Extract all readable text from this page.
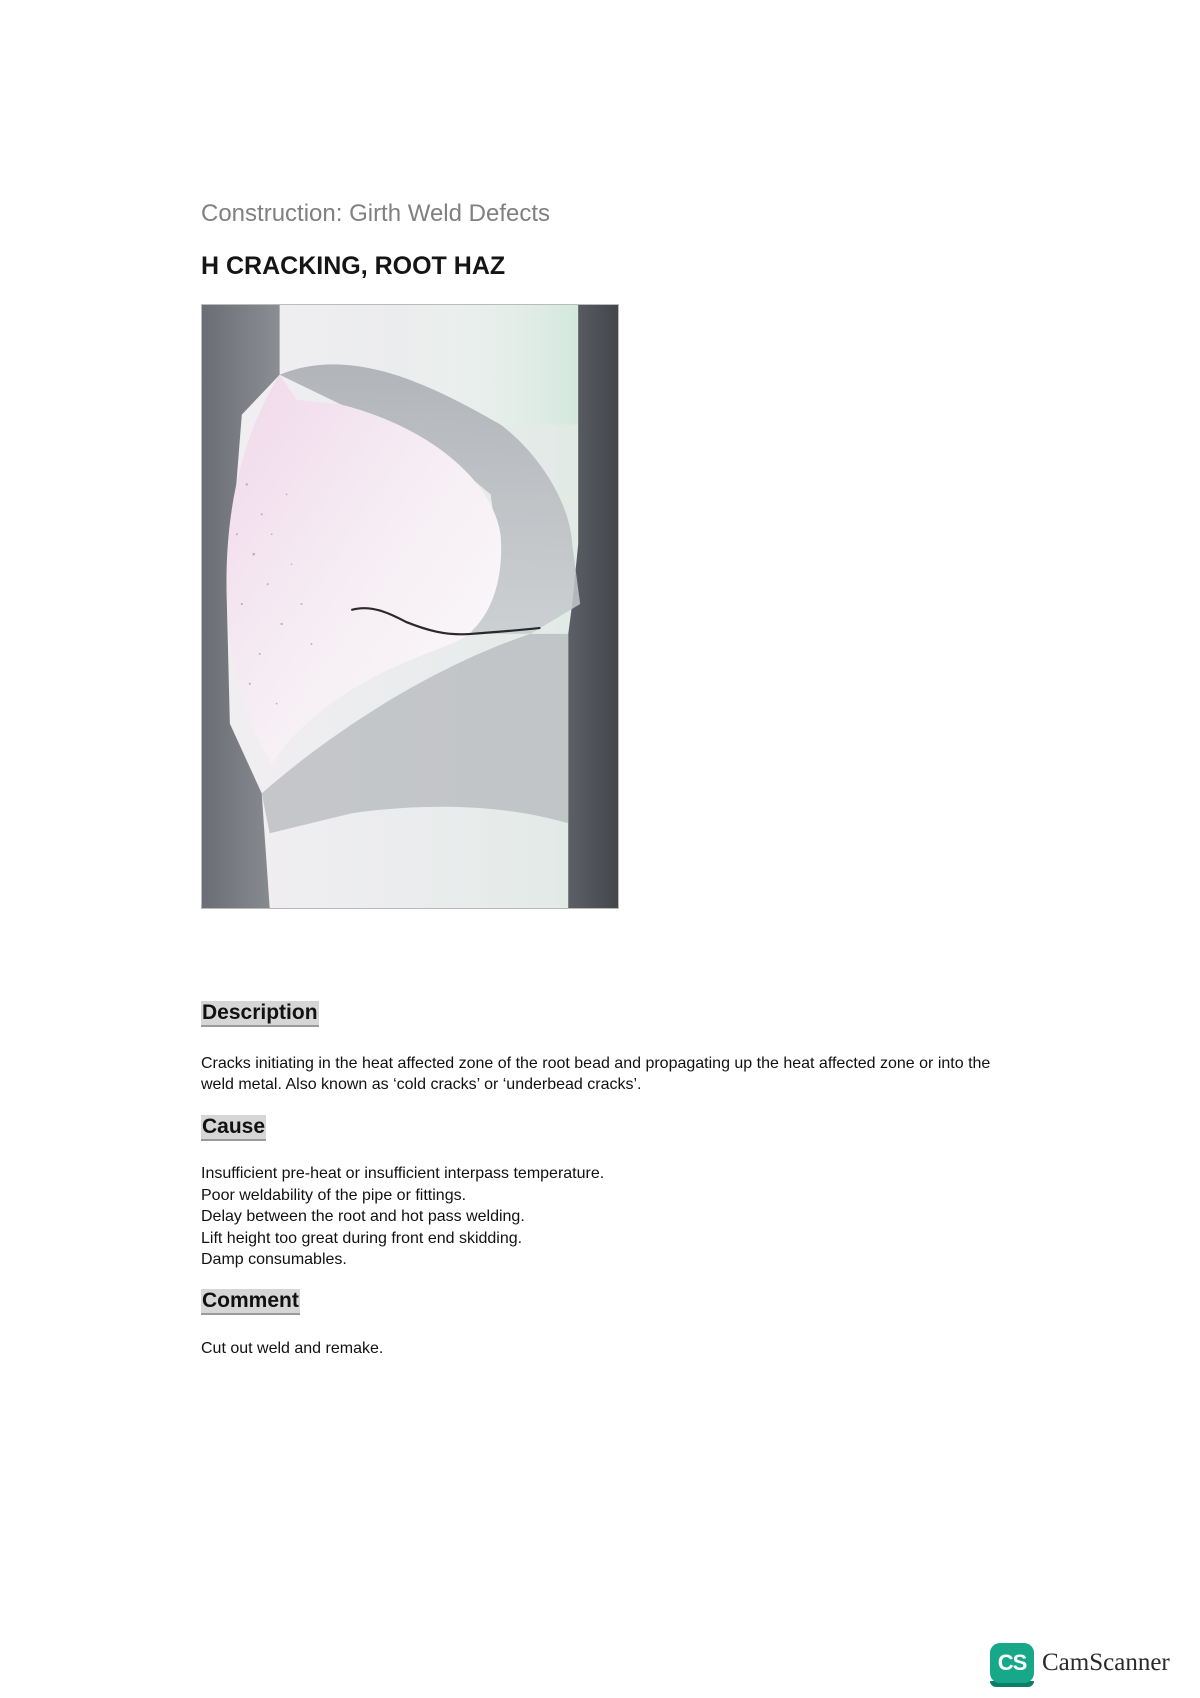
Construction: Girth Weld Defects
H CRACKING, ROOT HAZ
Description

Cracks initiating in the heat affected zone of the root bead and propagating up the heat affected zone or into the weld metal. Also known as ‘cold cracks’ or ‘underbead cracks’.

Cause
Insufficient pre-heat or insufficient interpass temperature.
Poor weldability of the pipe or fittings.
Delay between the root and hot pass welding.
Lift height too great during front end skidding.
Damp consumables.
Comment

Cut out weld and remake.

CS CamScanner
